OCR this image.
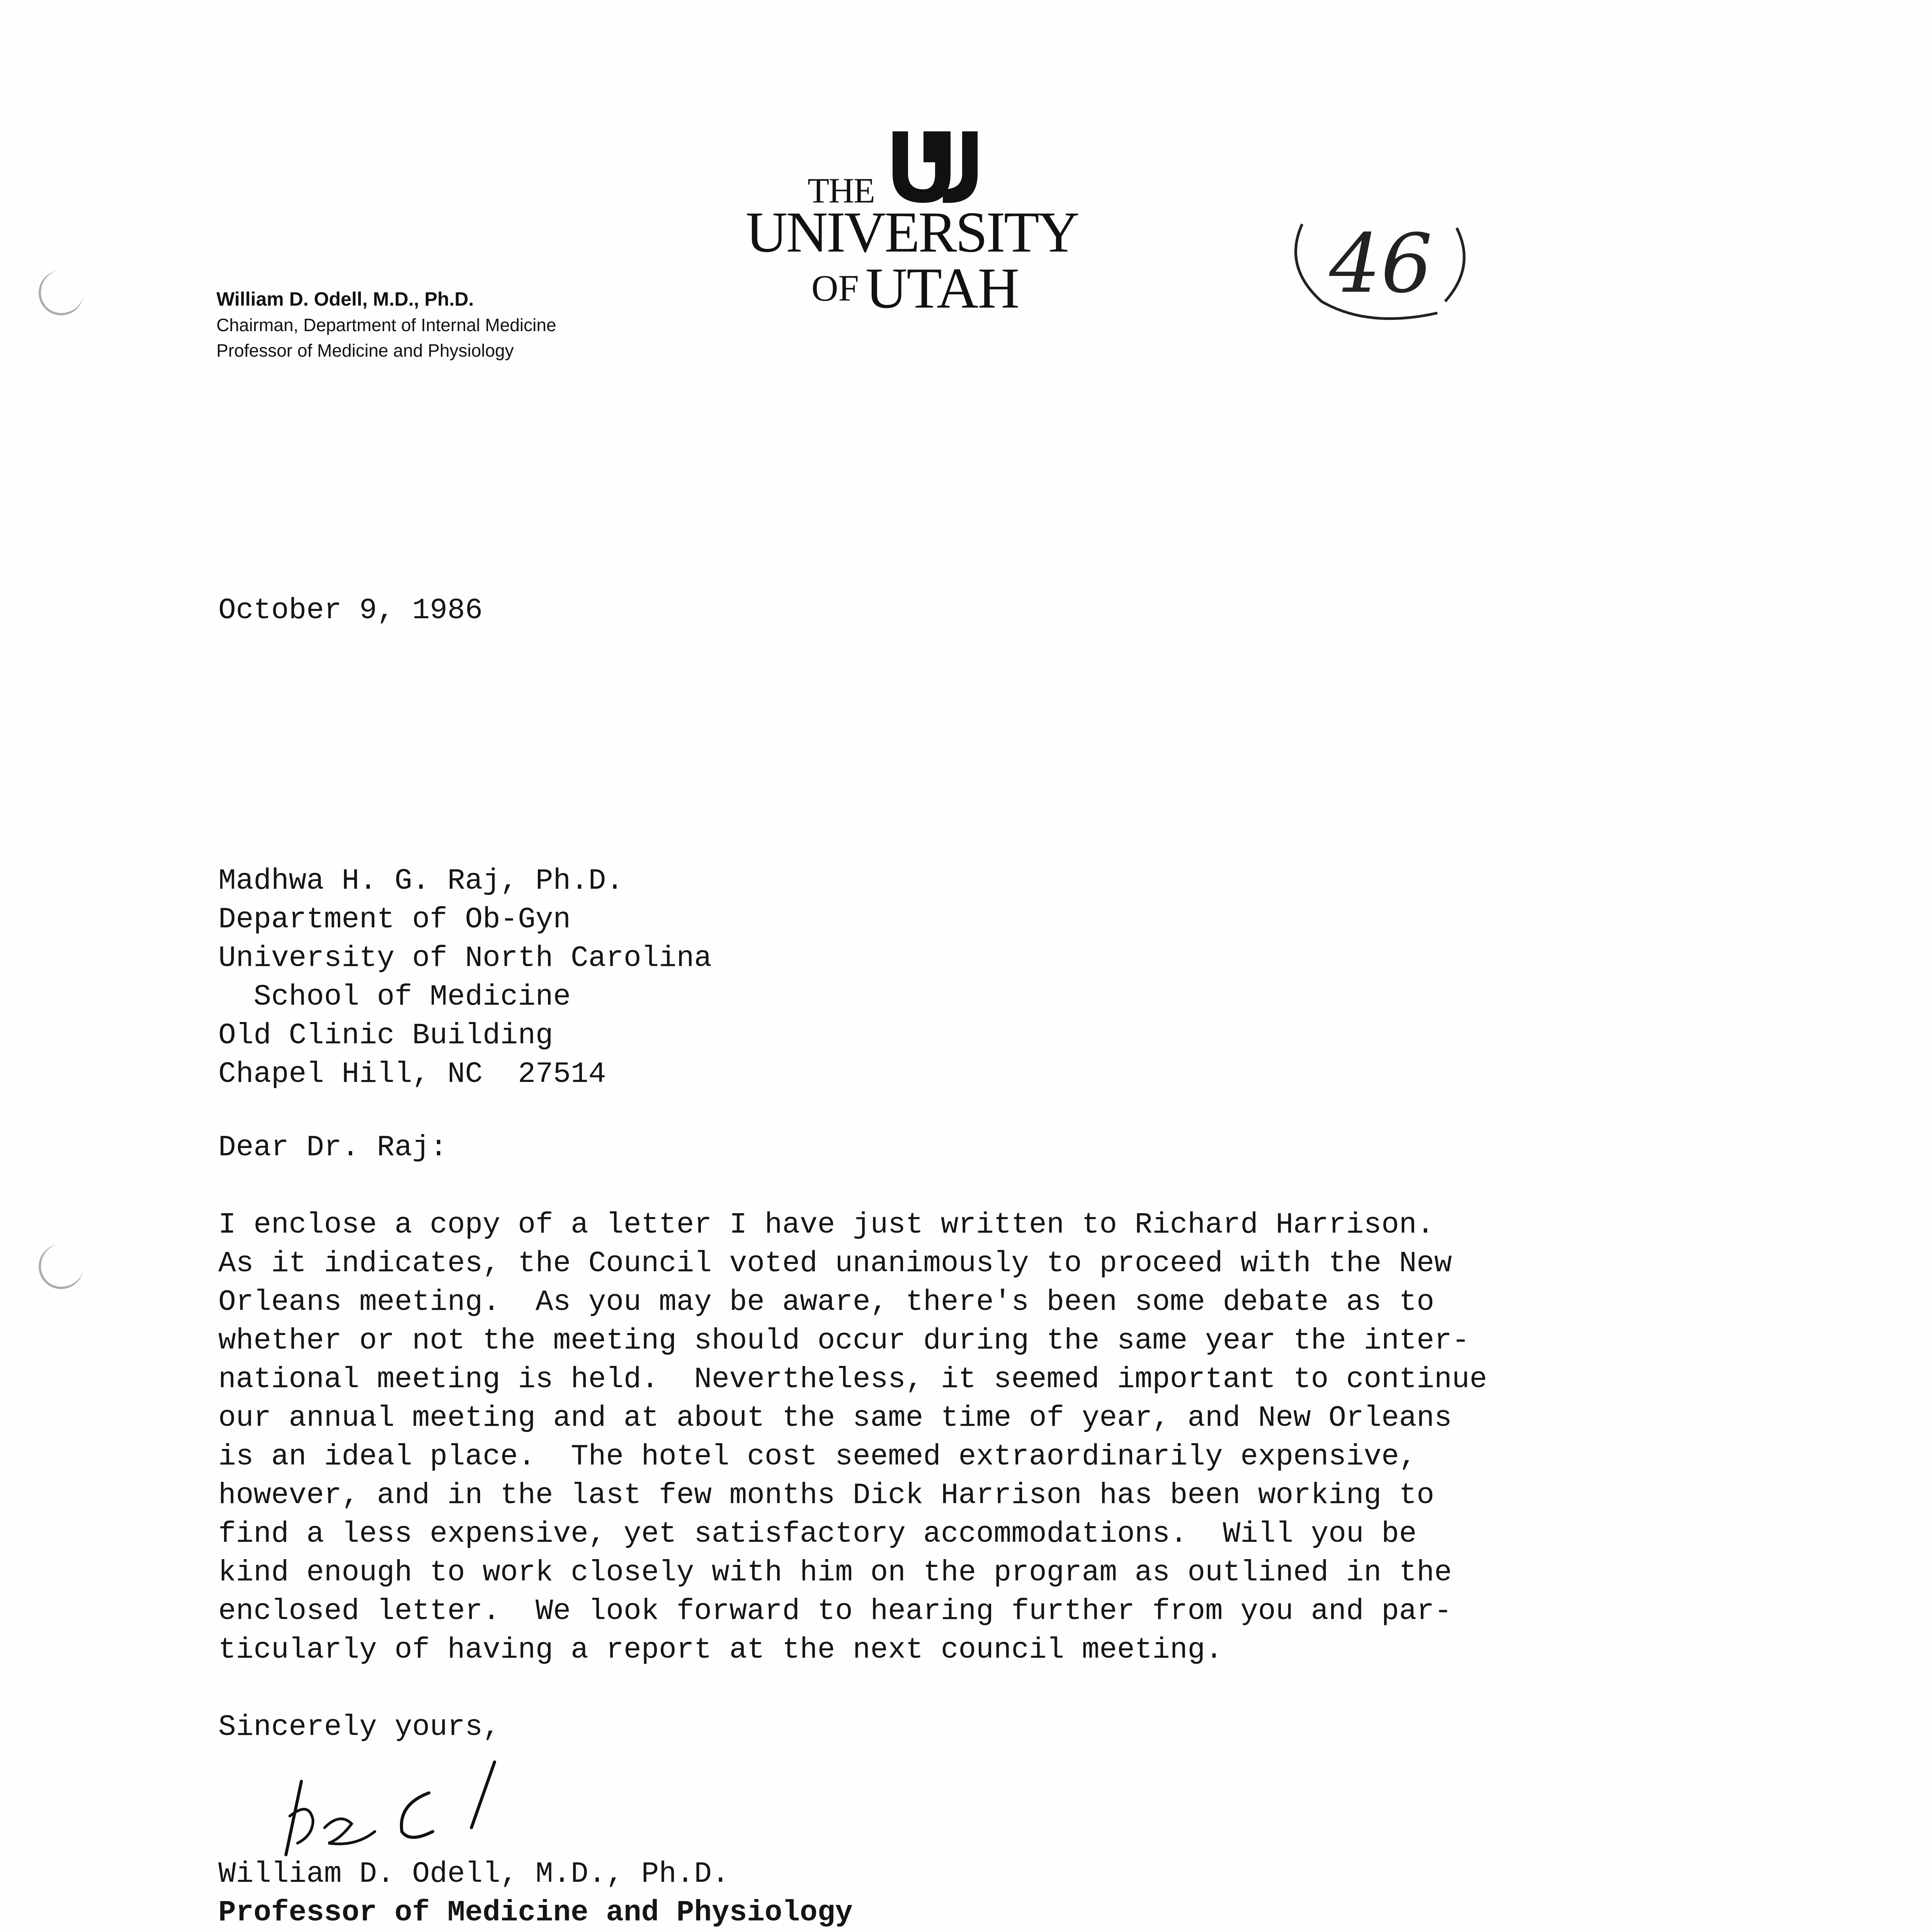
William D. Odell, M.D., Ph.D.
Chairman, Department of Internal Medicine
Professor of Medicine and Physiology
THE
UNIVERSITY
OF UTAH	46
October 9, 1986
Madhwa H. G. Raj, Ph.D.
Department of Ob-Gyn
University of North Carolina
School of Medicine
Old Clinic Building
Chapel Hill, NC  27514
Dear Dr. Raj:
I enclose a copy of a letter I have just written to Richard Harrison.
As it indicates, the Council voted unanimously to proceed with the New
Orleans meeting.  As you may be aware, there's been some debate as to
whether or not the meeting should occur during the same year the inter-
national meeting is held.  Nevertheless, it seemed important to continue
our annual meeting and at about the same time of year, and New Orleans
is an ideal place.  The hotel cost seemed extraordinarily expensive,
however, and in the last few months Dick Harrison has been working to
find a less expensive, yet satisfactory accommodations.  Will you be
kind enough to work closely with him on the program as outlined in the
enclosed letter.  We look forward to hearing further from you and par-
ticularly of having a report at the next council meeting.
Sincerely yours,
William D. Odell, M.D., Ph.D.
Professor of Medicine and Physiology
